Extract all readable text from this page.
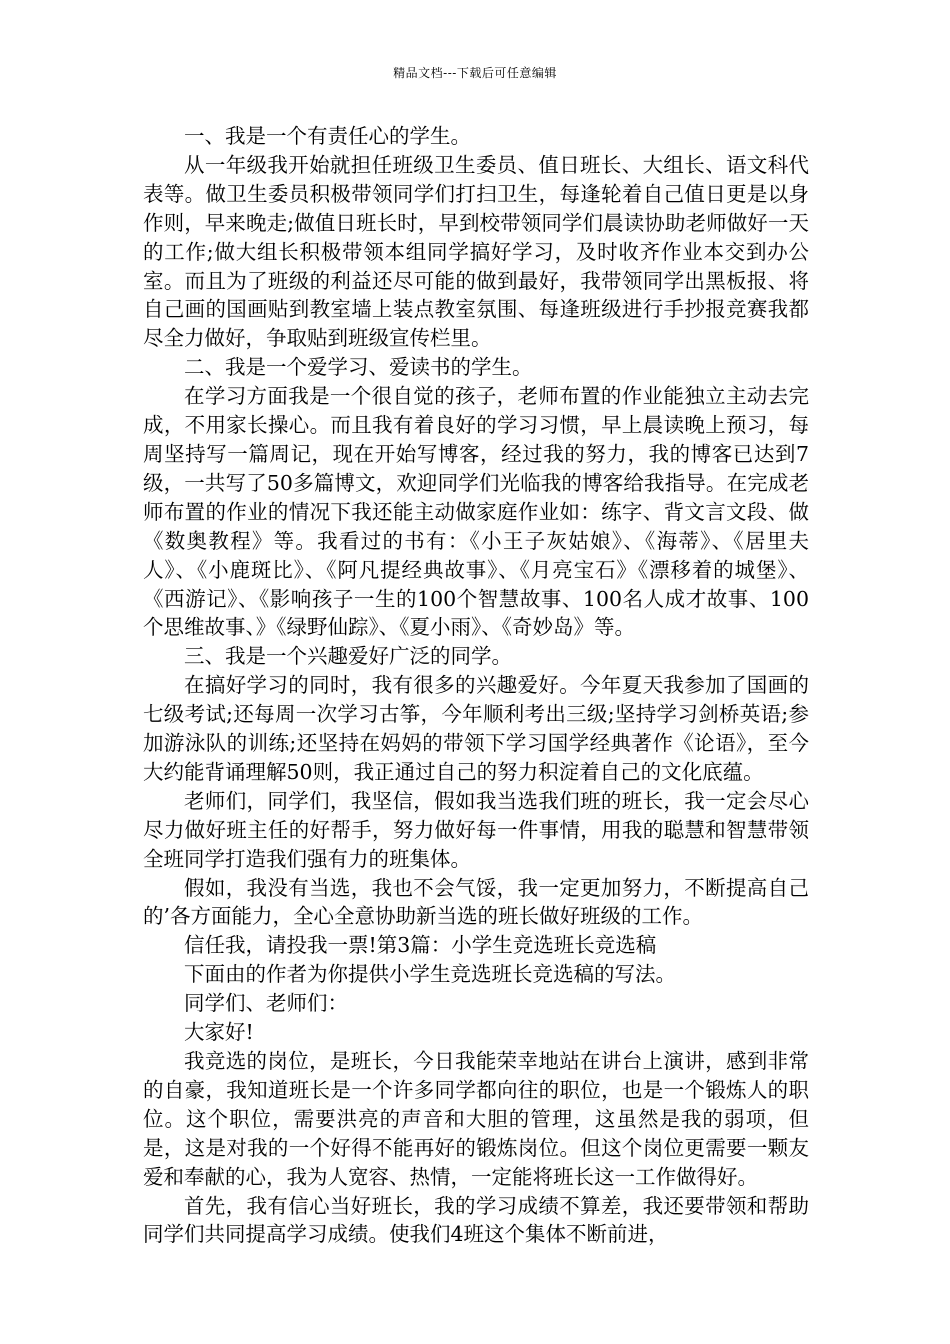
精品文档---下载后可任意编辑

一、我是一个有责任心的学生。

从一年级我开始就担任班级卫生委员、值日班长、大组长、语文科代表等。做卫生委员积极带领同学们打扫卫生，每逢轮着自己值日更是以身作则，早来晚走;做值日班长时，早到校带领同学们晨读协助老师做好一天的工作;做大组长积极带领本组同学搞好学习，及时收齐作业本交到办公室。而且为了班级的利益还尽可能的做到最好，我带领同学出黑板报、将自己画的国画贴到教室墙上装点教室氛围、每逢班级进行手抄报竞赛我都尽全力做好，争取贴到班级宣传栏里。

二、我是一个爱学习、爱读书的学生。

在学习方面我是一个很自觉的孩子，老师布置的作业能独立主动去完成，不用家长操心。而且我有着良好的学习习惯，早上晨读晚上预习，每周坚持写一篇周记，现在开始写博客，经过我的努力，我的博客已达到7级，一共写了50多篇博文，欢迎同学们光临我的博客给我指导。在完成老师布置的作业的情况下我还能主动做家庭作业如：练字、背文言文段、做《数奥教程》等。我看过的书有：《小王子灰姑娘》、《海蒂》、《居里夫人》、《小鹿斑比》、《阿凡提经典故事》、《月亮宝石》《漂移着的城堡》、《西游记》、《影响孩子一生的100个智慧故事、100名人成才故事、100个思维故事、》《绿野仙踪》、《夏小雨》、《奇妙岛》等。

三、我是一个兴趣爱好广泛的同学。

在搞好学习的同时，我有很多的兴趣爱好。今年夏天我参加了国画的七级考试;还每周一次学习古筝，今年顺利考出三级;坚持学习剑桥英语;参加游泳队的训练;还坚持在妈妈的带领下学习国学经典著作《论语》，至今大约能背诵理解50则，我正通过自己的努力积淀着自己的文化底蕴。

老师们，同学们，我坚信，假如我当选我们班的班长，我一定会尽心尽力做好班主任的好帮手，努力做好每一件事情，用我的聪慧和智慧带领全班同学打造我们强有力的班集体。

假如，我没有当选，我也不会气馁，我一定更加努力，不断提高自己的’各方面能力，全心全意协助新当选的班长做好班级的工作。

信任我，请投我一票!第3篇：小学生竞选班长竞选稿

下面由的作者为你提供小学生竞选班长竞选稿的写法。

同学们、老师们：

大家好!

我竞选的岗位，是班长，今日我能荣幸地站在讲台上演讲，感到非常的自豪，我知道班长是一个许多同学都向往的职位，也是一个锻炼人的职位。这个职位，需要洪亮的声音和大胆的管理，这虽然是我的弱项，但是，这是对我的一个好得不能再好的锻炼岗位。但这个岗位更需要一颗友爱和奉献的心，我为人宽容、热情，一定能将班长这一工作做得好。

首先，我有信心当好班长，我的学习成绩不算差，我还要带领和帮助同学们共同提高学习成绩。使我们4班这个集体不断前进，
